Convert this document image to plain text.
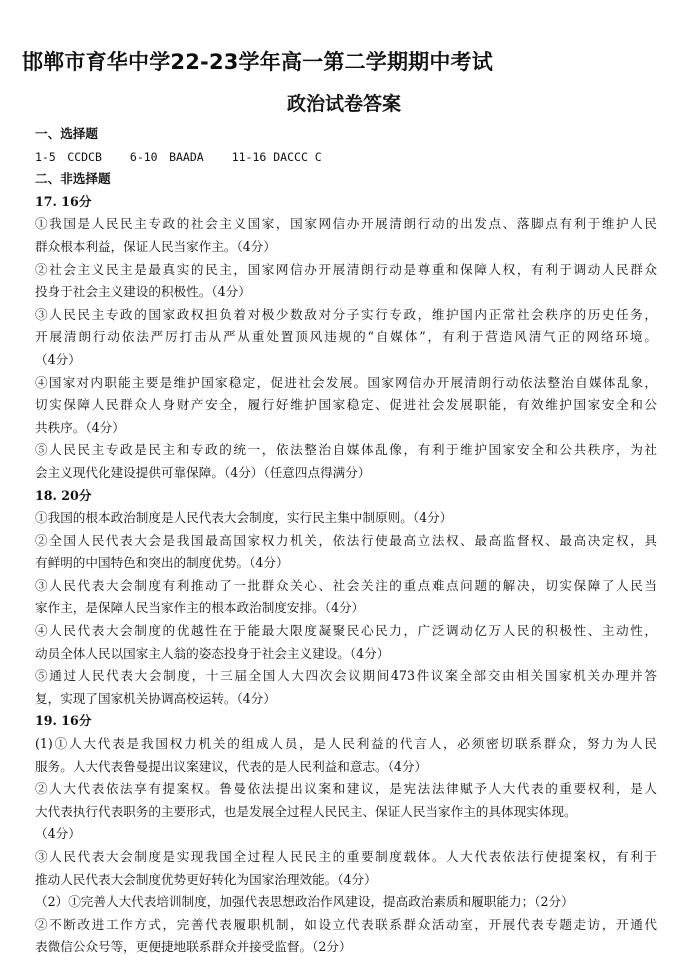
邯郸市育华中学22-23学年高一第二学期期中考试
政治试卷答案
一、选择题
1-5　CCDCB 6-10　BAADA 11-16 DACCC C
二、非选择题
17. 16分
①我国是人民民主专政的社会主义国家，国家网信办开展清朗行动的出发点、落脚点有利于维护人民
群众根本利益，保证人民当家作主。（4分）
②社会主义民主是最真实的民主，国家网信办开展清朗行动是尊重和保障人权，有利于调动人民群众
投身于社会主义建设的积极性。（4分）
③人民民主专政的国家政权担负着对极少数敌对分子实行专政，维护国内正常社会秩序的历史任务，
开展清朗行动依法严厉打击从严从重处置顶风违规的“自媒体”，有利于营造风清气正的网络环境。
（4分）
④国家对内职能主要是维护国家稳定，促进社会发展。国家网信办开展清朗行动依法整治自媒体乱象，
切实保障人民群众人身财产安全，履行好维护国家稳定、促进社会发展职能，有效维护国家安全和公
共秩序。（4分）
⑤人民民主专政是民主和专政的统一，依法整治自媒体乱像，有利于维护国家安全和公共秩序，为社
会主义现代化建设提供可靠保障。（4分）（任意四点得满分）
18. 20分
①我国的根本政治制度是人民代表大会制度，实行民主集中制原则。（4分）
②全国人民代表大会是我国最高国家权力机关，依法行使最高立法权、最高监督权、最高决定权，具
有鲜明的中国特色和突出的制度优势。（4分）
③人民代表大会制度有利推动了一批群众关心、社会关注的重点难点问题的解决，切实保障了人民当
家作主，是保障人民当家作主的根本政治制度安排。（4分）
④人民代表大会制度的优越性在于能最大限度凝聚民心民力，广泛调动亿万人民的积极性、主动性，
动员全体人民以国家主人翁的姿态投身于社会主义建设。（4分）
⑤通过人民代表大会制度，十三届全国人大四次会议期间473件议案全部交由相关国家机关办理并答
复，实现了国家机关协调高校运转。（4分）
19. 16分
(1)①人大代表是我国权力机关的组成人员，是人民利益的代言人，必须密切联系群众，努力为人民
服务。人大代表鲁曼提出议案建议，代表的是人民利益和意志。（4分）
②人大代表依法享有提案权。鲁曼依法提出议案和建议，是宪法法律赋予人大代表的重要权利，是人
大代表执行代表职务的主要形式，也是发展全过程人民民主、保证人民当家作主的具体现实体现。
（4分）
③人民代表大会制度是实现我国全过程人民民主的重要制度载体。人大代表依法行使提案权，有利于
推动人民代表大会制度优势更好转化为国家治理效能。（4分）
（2）①完善人大代表培训制度，加强代表思想政治作风建设，提高政治素质和履职能力；（2分）
②不断改进工作方式，完善代表履职机制，如设立代表联系群众活动室，开展代表专题走访，开通代
表微信公众号等，更便捷地联系群众并接受监督。（2分）
